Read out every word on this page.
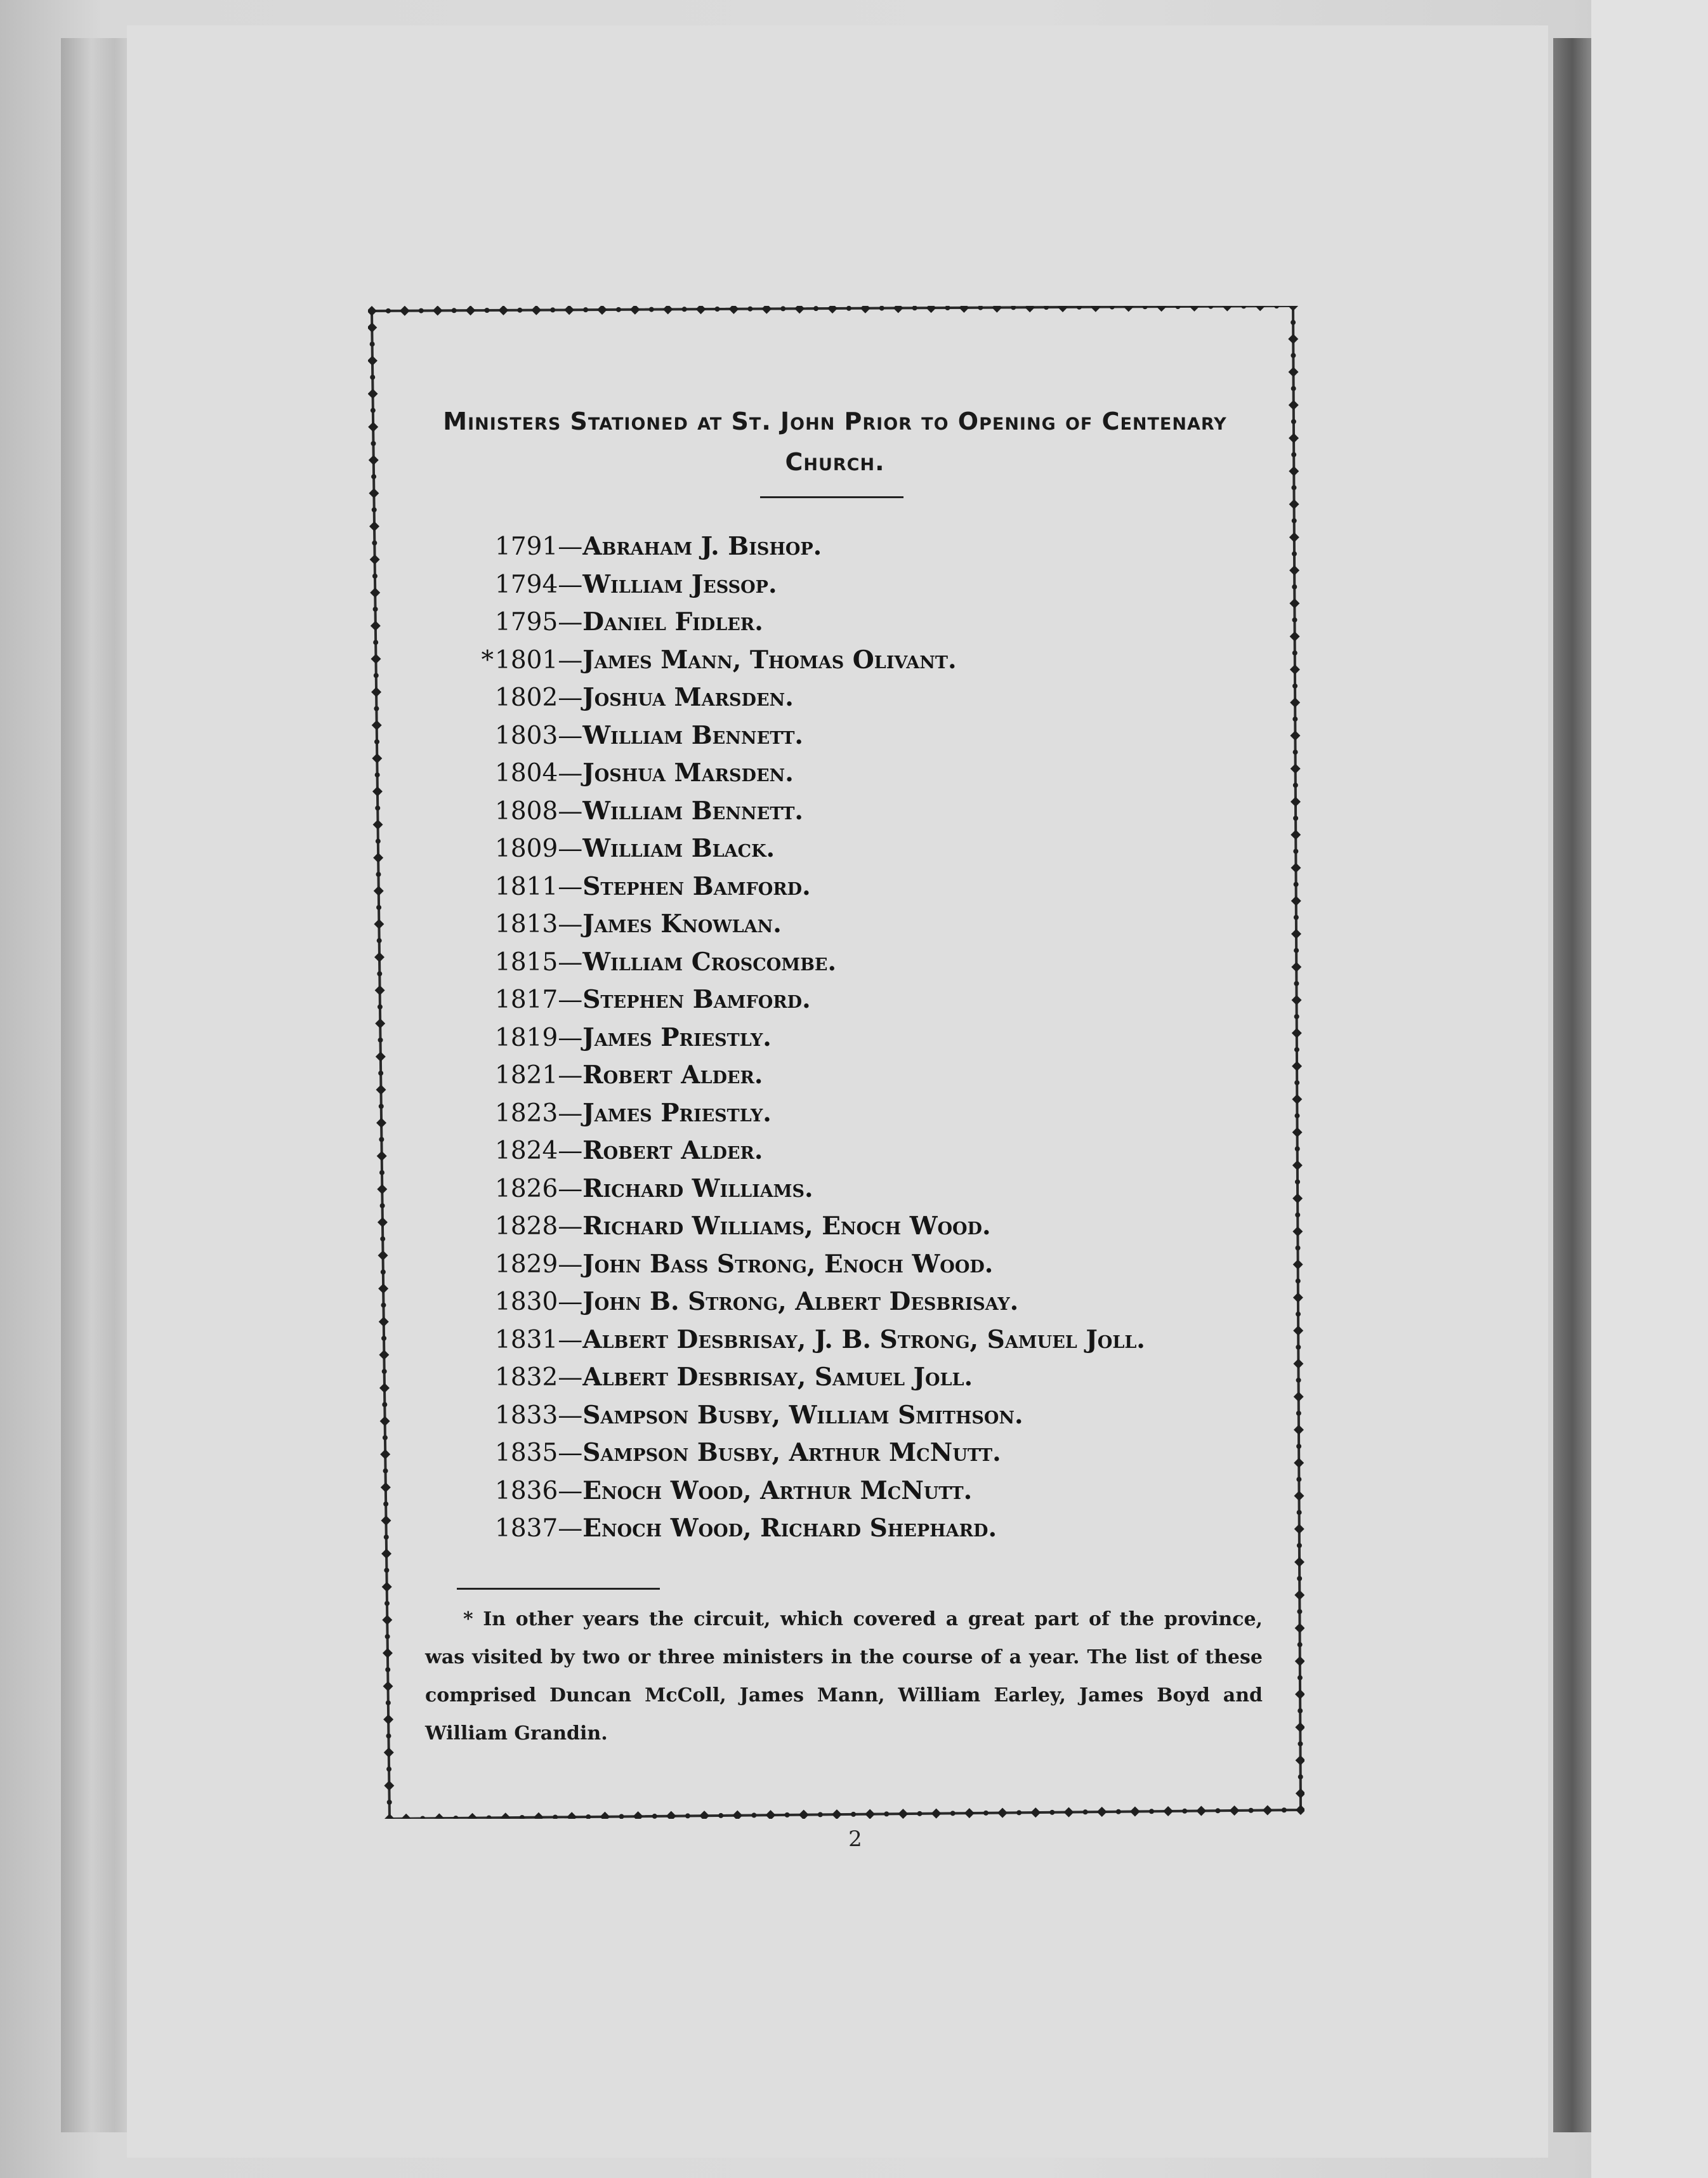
Ministers Stationed at St. John Prior to Opening of Centenary Church.
1791—Abraham J. Bishop.
1794—William Jessop.
1795—Daniel Fidler.
* 1801—James Mann, Thomas Olivant.
1802—Joshua Marsden.
1803—William Bennett.
1804—Joshua Marsden.
1808—William Bennett.
1809—William Black.
1811—Stephen Bamford.
1813—James Knowlan.
1815—William Croscombe.
1817—Stephen Bamford.
1819—James Priestly.
1821—Robert Alder.
1823—James Priestly.
1824—Robert Alder.
1826—Richard Williams.
1828—Richard Williams, Enoch Wood.
1829—John Bass Strong, Enoch Wood.
1830—John B. Strong, Albert Desbrisay.
1831—Albert Desbrisay, J. B. Strong, Samuel Joll.
1832—Albert Desbrisay, Samuel Joll.
1833—Sampson Busby, William Smithson.
1835—Sampson Busby, Arthur McNutt.
1836—Enoch Wood, Arthur McNutt.
1837—Enoch Wood, Richard Shephard.
* In other years the circuit, which covered a great part of the province, was visited by two or three ministers in the course of a year. The list of these comprised Duncan McColl, James Mann, William Earley, James Boyd and William Grandin.
2
